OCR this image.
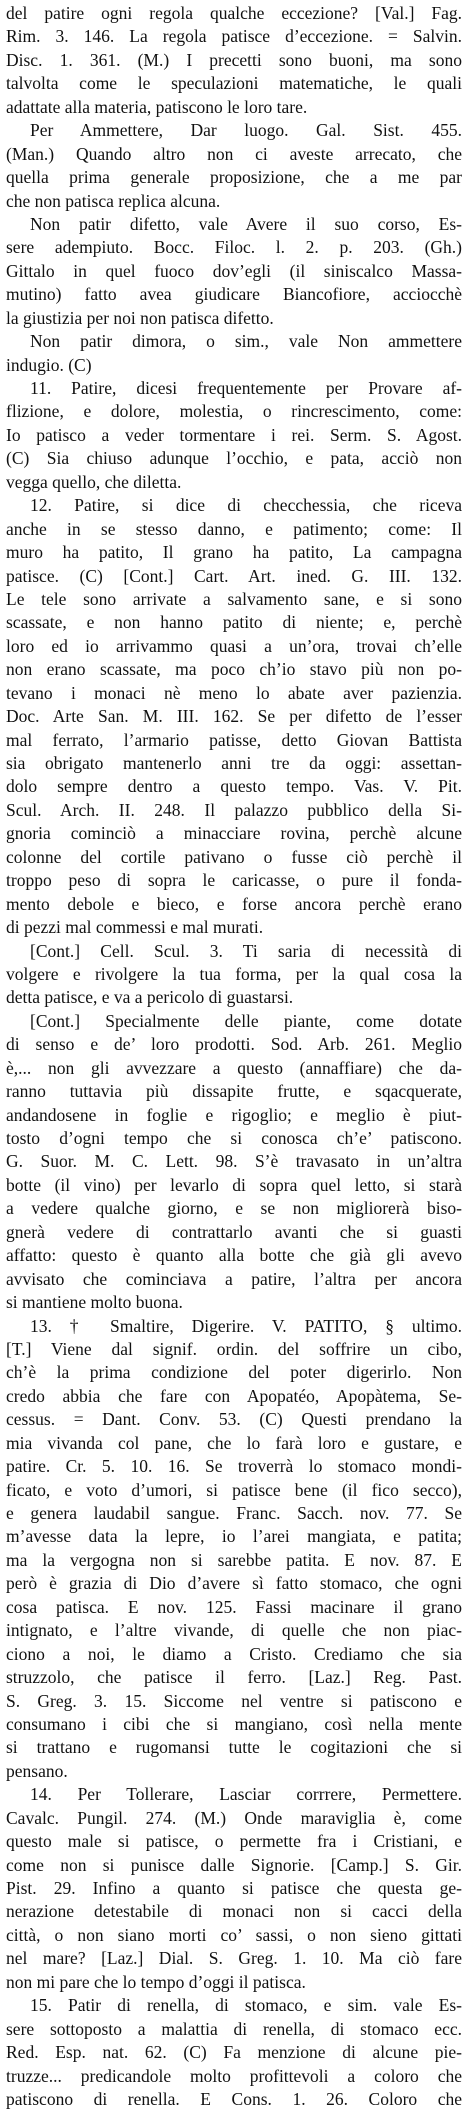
del patire ogni regola qualche eccezione? [Val.] Fag.
Rim. 3. 146. La regola patisce d’eccezione. = Salvin.
Disc. 1. 361. (M.) I precetti sono buoni, ma sono
talvolta come le speculazioni matematiche, le quali
adattate alla materia, patiscono le loro tare.
Per Ammettere, Dar luogo. Gal. Sist. 455.
(Man.) Quando altro non ci aveste arrecato, che
quella prima generale proposizione, che a me par
che non patisca replica alcuna.
Non patir difetto, vale Avere il suo corso, Es-
sere adempiuto. Bocc. Filoc. l. 2. p. 203. (Gh.)
Gittalo in quel fuoco dov’egli (il siniscalco Massa-
mutino) fatto avea giudicare Biancofiore, acciocchè
la giustizia per noi non patisca difetto.
Non patir dimora, o sim., vale Non ammettere
indugio. (C)
11. Patire, dicesi frequentemente per Provare af-
flizione, e dolore, molestia, o rincrescimento, come:
Io patisco a veder tormentare i rei. Serm. S. Agost.
(C) Sia chiuso adunque l’occhio, e pata, acciò non
vegga quello, che diletta.
12. Patire, si dice di checchessia, che riceva
anche in se stesso danno, e patimento; come: Il
muro ha patito, Il grano ha patito, La campagna
patisce. (C) [Cont.] Cart. Art. ined. G. III. 132.
Le tele sono arrivate a salvamento sane, e si sono
scassate, e non hanno patito di niente; e, perchè
loro ed io arrivammo quasi a un’ora, trovai ch’elle
non erano scassate, ma poco ch’io stavo più non po-
tevano i monaci nè meno lo abate aver pazienzia.
Doc. Arte San. M. III. 162. Se per difetto de l’esser
mal ferrato, l’armario patisse, detto Giovan Battista
sia obrigato mantenerlo anni tre da oggi: assettan-
dolo sempre dentro a questo tempo. Vas. V. Pit.
Scul. Arch. II. 248. Il palazzo pubblico della Si-
gnoria cominciò a minacciare rovina, perchè alcune
colonne del cortile pativano o fusse ciò perchè il
troppo peso di sopra le caricasse, o pure il fonda-
mento debole e bieco, e forse ancora perchè erano
di pezzi mal commessi e mal murati.
[Cont.] Cell. Scul. 3. Ti saria di necessità di
volgere e rivolgere la tua forma, per la qual cosa la
detta patisce, e va a pericolo di guastarsi.
[Cont.] Specialmente delle piante, come dotate
di senso e de’ loro prodotti. Sod. Arb. 261. Meglio
è,... non gli avvezzare a questo (annaffiare) che da-
ranno tuttavia più dissapite frutte, e sqacquerate,
andandosene in foglie e rigoglio; e meglio è piut-
tosto d’ogni tempo che si conosca ch’e’ patiscono.
G. Suor. M. C. Lett. 98. S’è travasato in un’altra
botte (il vino) per levarlo di sopra quel letto, si starà
a vedere qualche giorno, e se non migliorerà biso-
gnerà vedere di contrattarlo avanti che si guasti
affatto: questo è quanto alla botte che già gli avevo
avvisato che cominciava a patire, l’altra per ancora
si mantiene molto buona.
13. † Smaltire, Digerire. V. PATITO, § ultimo.
[T.] Viene dal signif. ordin. del soffrire un cibo,
ch’è la prima condizione del poter digerirlo. Non
credo abbia che fare con Apopatéo, Apopàtema, Se-
cessus. = Dant. Conv. 53. (C) Questi prendano la
mia vivanda col pane, che lo farà loro e gustare, e
patire. Cr. 5. 10. 16. Se troverrà lo stomaco mondi-
ficato, e voto d’umori, si patisce bene (il fico secco),
e genera laudabil sangue. Franc. Sacch. nov. 77. Se
m’avesse data la lepre, io l’arei mangiata, e patita;
ma la vergogna non si sarebbe patita. E nov. 87. E
però è grazia di Dio d’avere sì fatto stomaco, che ogni
cosa patisca. E nov. 125. Fassi macinare il grano
intignato, e l’altre vivande, di quelle che non piac-
ciono a noi, le diamo a Cristo. Crediamo che sia
struzzolo, che patisce il ferro. [Laz.] Reg. Past.
S. Greg. 3. 15. Siccome nel ventre si patiscono e
consumano i cibi che si mangiano, così nella mente
si trattano e rugomansi tutte le cogitazioni che si
pensano.
14. Per Tollerare, Lasciar corrrere, Permettere.
Cavalc. Pungil. 274. (M.) Onde maraviglia è, come
questo male si patisce, o permette fra i Cristiani, e
come non si punisce dalle Signorie. [Camp.] S. Gir.
Pist. 29. Infino a quanto si patisce che questa ge-
nerazione detestabile di monaci non si cacci della
città, o non siano morti co’ sassi, o non sieno gittati
nel mare? [Laz.] Dial. S. Greg. 1. 10. Ma ciò fare
non mi pare che lo tempo d’oggi il patisca.
15. Patir di renella, di stomaco, e sim. vale Es-
sere sottoposto a malattia di renella, di stomaco ecc.
Red. Esp. nat. 62. (C) Fa menzione di alcune pie-
truzze... predicandole molto profittevoli a coloro che
patiscono di renella. E Cons. 1. 26. Coloro che
